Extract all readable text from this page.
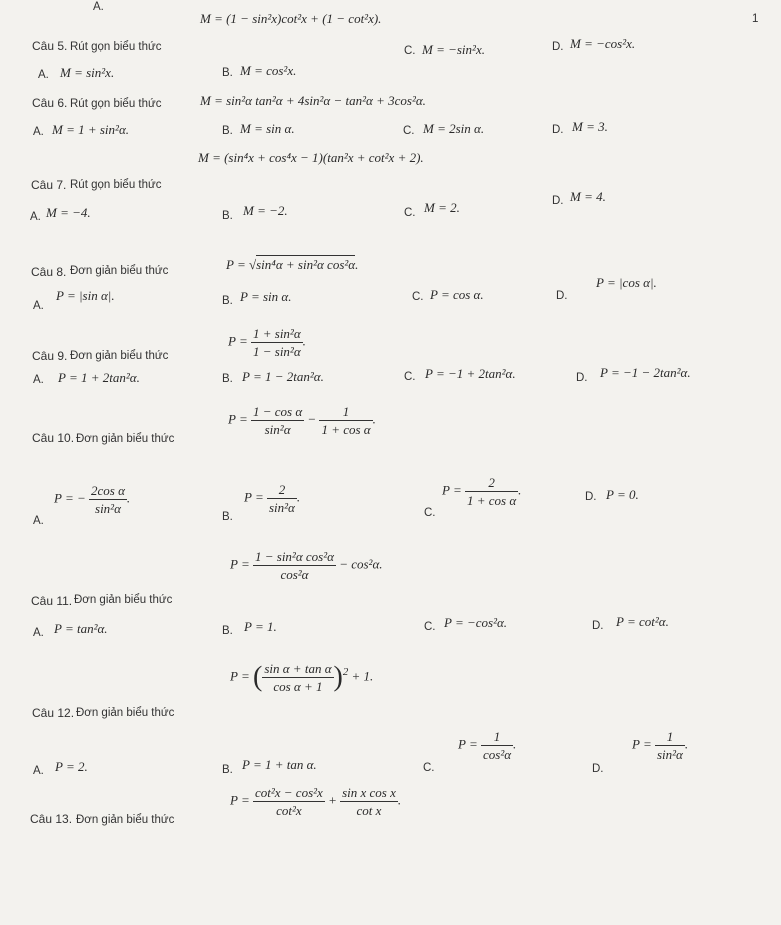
A.
1
Câu 5. Rút gọn biểu thức
M = (1 − sin²x)cot²x + (1 − cot²x).
A. M = sin²x.	B. M = cos²x.
C. M = −sin²x.	D. M = −cos²x.
Câu 6. Rút gọn biểu thức	M = sin²α tan²α + 4sin²α − tan²α + 3cos²α.
A. M = 1 + sin²α.	B. M = sin α.	C. M = 2sin α.	D. M = 3.
Câu 7. Rút gọn biểu thức
M = (sin⁴x + cos⁴x − 1)(tan²x + cot²x + 2).
A. M = −4.	B. M = −2.	C. M = 2.	D. M = 4.
Câu 8. Đơn giản biểu thức	P = √sin⁴α + sin²α cos²α.
A.
P = |sin α|.	B. P = sin α.	C. P = cos α.	D.
P = |cos α|.
Câu 9. Đơn giản biểu thức
$P = \frac{\text{1 + sin²α}}{\text{1 − sin²α}}$ .
A. P = 1 + 2tan²α.	B. P = 1 − 2tan²α.	C. P = −1 + 2tan²α.	D. P = −1 − 2tan²α.
Câu 10. Đơn giản biểu thức
$P = \frac{\text{1 − cos α}}{\text{sin²α}} - \frac{1}{\text{1 + cos α}}$ .
A.
P = − $\frac{\text{2cos α}}{\text{sin²α}}$ .
B.
$P = \frac{2}{\text{sin²α}}$ .
C.
$P = \frac{2}{\text{1 + cos α}}$ .	D. P = 0.
Câu 11. Đơn giản biểu thức
$P = \frac{\text{1 − sin²α cos²α}}{\text{cos²α}} - \cos^2\alpha$.
A. P = tan²α.	B. P = 1.	C. P = −cos²α.	D. P = cot²α.
Câu 12. Đơn giản biểu thức
P = ( $\frac{\text{sin α + tan α}}{\text{cos α + 1}} )^2 + 1$.
A. P = 2.	B. P = 1 + tan α.	C.
$P = \frac{1}{\text{cos²α}}$ .
D.
$P = \frac{1}{\text{sin²α}}$ .
Câu 13. Đơn giản biểu thức
$P = \frac{\text{cot²x − cos²x}}{\text{cot²x}} + \frac{\text{sin x cos x}}{\text{cot x}}$ .
